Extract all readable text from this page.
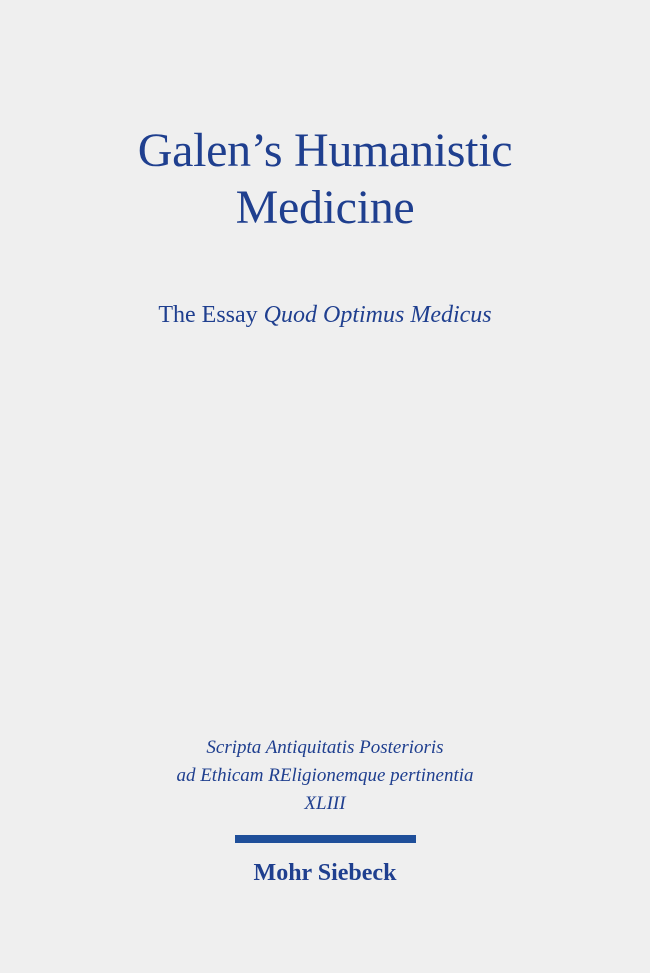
Galen’s Humanistic
Medicine
The Essay Quod Optimus Medicus
Scripta Antiquitatis Posterioris
ad Ethicam REligionemque pertinentia
XLIII
Mohr Siebeck
